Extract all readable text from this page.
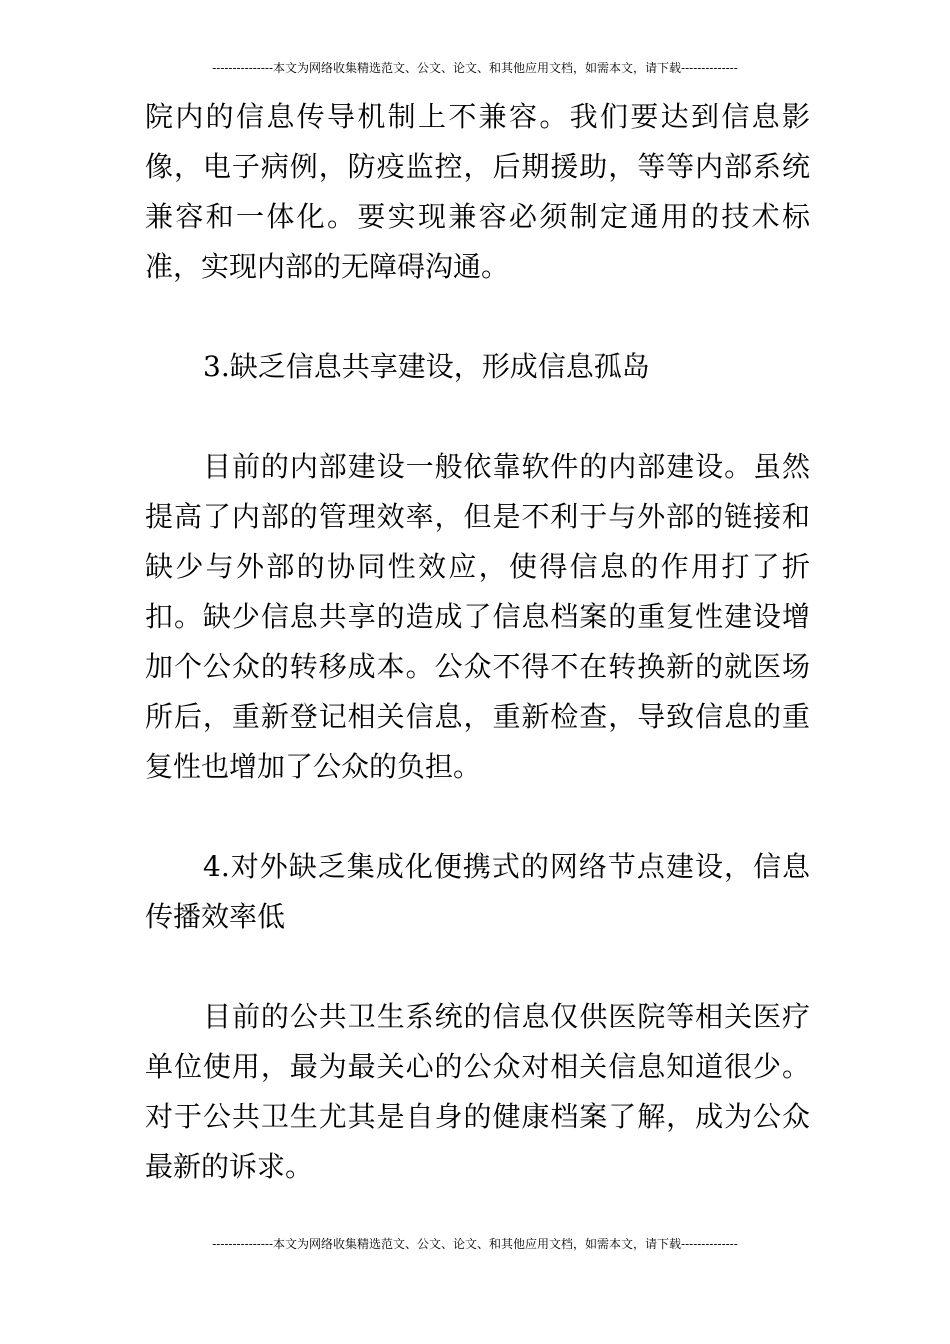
---------------本文为网络收集精选范文、公文、论文、和其他应用文档，如需本文，请下载--------------

院内的信息传导机制上不兼容。我们要达到信息影像，电子病例，防疫监控，后期援助，等等内部系统兼容和一体化。要实现兼容必须制定通用的技术标准，实现内部的无障碍沟通。

3.缺乏信息共享建设，形成信息孤岛

目前的内部建设一般依靠软件的内部建设。虽然提高了内部的管理效率，但是不利于与外部的链接和缺少与外部的协同性效应，使得信息的作用打了折扣。缺少信息共享的造成了信息档案的重复性建设增加个公众的转移成本。公众不得不在转换新的就医场所后，重新登记相关信息，重新检查，导致信息的重复性也增加了公众的负担。

4.对外缺乏集成化便携式的网络节点建设，信息传播效率低

目前的公共卫生系统的信息仅供医院等相关医疗单位使用，最为最关心的公众对相关信息知道很少。对于公共卫生尤其是自身的健康档案了解，成为公众最新的诉求。

---------------本文为网络收集精选范文、公文、论文、和其他应用文档，如需本文，请下载--------------
